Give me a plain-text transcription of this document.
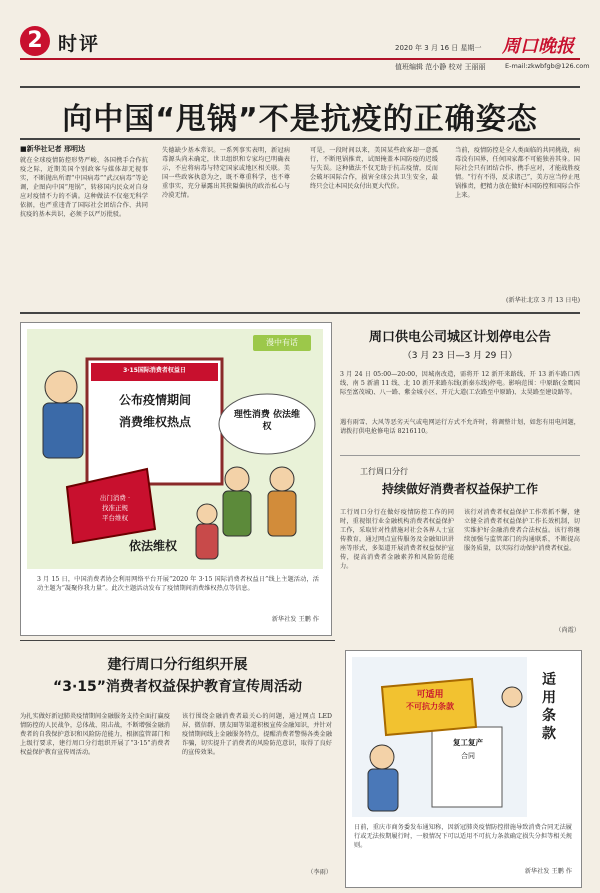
2 时评	2020 年 3 月 16 日 星期一
值班编辑 范小静 校对 王丽丽
周口晚报
E-mail:zkwbfgb@126.com
向中国“甩锅”不是抗疫的正确姿态
■新华社记者 邢明达
就在全球疫情防控形势严峻、各国携手合作抗疫之际，近期美国个别政客与媒体却无视事实，不断抛出所谓“中国病毒”“武汉病毒”等论调，企图向中国“甩锅”，转移国内民众对自身应对疫情不力的不满。这种做法不仅毫无科学依据，也严重违背了国际社会团结合作、共同抗疫的基本共识，必须予以严厉批驳。
失德缺少基本常识。一系列事实表明，新冠病毒源头尚未确定，世卫组织和专家均已明确表示，不应将病毒与特定国家或地区相关联。美国一些政客执意为之，既不尊重科学，也不尊重事实，充分暴露出其狭隘偏执的政治私心与冷漠无情。
可是，一段时间以来，美国某些政客却一意孤行，不断甩锅推责，试图掩盖本国防疫的迟缓与失误。这种做法不仅无助于抗击疫情，反而会破坏国际合作，损害全球公共卫生安全，最终只会让本国民众付出更大代价。
当前，疫情防控是全人类面临的共同挑战，病毒没有国界，任何国家都不可能独善其身。国际社会只有团结合作、携手应对，才能战胜疫情。“行有不得，反求诸己”，美方应当停止甩锅推责，把精力放在做好本国防控和国际合作上来。
(新华社北京 3 月 13 日电)
漫中有话
3·15国际消费者权益日
公布疫情期间
消费维权热点	理性消费 依法维权
出门消费 ·
找准正规
平台维权
依法维权
3 月 15 日，中国消费者协会利用网络平台开展“2020 年 3·15 国际消费者权益日”线上主题活动，活动主题为“凝聚你我力量”。此次主题活动发布了疫情期间消费维权热点等信息。
新华社发 王鹏 作
周口供电公司城区计划停电公告
（3 月 23 日—3 月 29 日）
3 月 24 日 05:00—20:00，因城南改造，需将开 12 新开来路线、开 13 新车路口西线、南 5 新浦 11 线、北 10 新开来路东线(新秦东线)停电。影响范围：中原路(金鹰国际至富茂城)、八一路、紫金城小区、开元大道(工农路至中原路)、太昊路至建设路等。
遇有雨雪、大风等恶劣天气或电网运行方式不允许时，将调整计划，如您有用电问题，请拨打供电抢修电话 8216110。
工行周口分行
持续做好消费者权益保护工作
工行周口分行在做好疫情防控工作的同时，重视银行业金融机构消费者权益保护工作，采取针对性措施对社会各界人士宣传教育，通过网点宣传服务及金融知识讲座等形式，多渠道开展消费者权益保护宣传，提高消费者金融素养和风险防范能力。
该行对消费者权益保护工作常抓不懈，建立健全消费者权益保护工作长效机制，切实维护好金融消费者合法权益。该行将继续加强与监管部门的沟通联系，不断提高服务质量，以实际行动保护消费者权益。
（尚霞）
建行周口分行组织开展
“3·15”消费者权益保护教育宣传周活动
为扎实做好新冠肺炎疫情期间金融服务支持全面打赢疫情防控的人民战争，总体战、阻击战，不断增强金融消费者的自我保护意识和风险防范能力，根据监管部门和上级行要求，建行周口分行组织开展了“3·15”消费者权益保护教育宣传周活动。
该行围绕金融消费者最关心的问题，通过网点 LED 屏、微信群、朋友圈等渠道积极宣传金融知识，并针对疫情期间线上金融服务特点，提醒消费者警惕各类金融诈骗，切实提升了消费者的风险防范意识，取得了良好的宣传效果。
（李雨）
可适用
不可抗力条款
复工复产
合同
适用条款
日前，重庆市商务委发布通知称，因新冠肺炎疫情防控措施导致消费合同无法履行或无法按期履行时，一般情况下可以适用不可抗力条款确定损失分担等相关规则。
新华社发 王鹏 作
